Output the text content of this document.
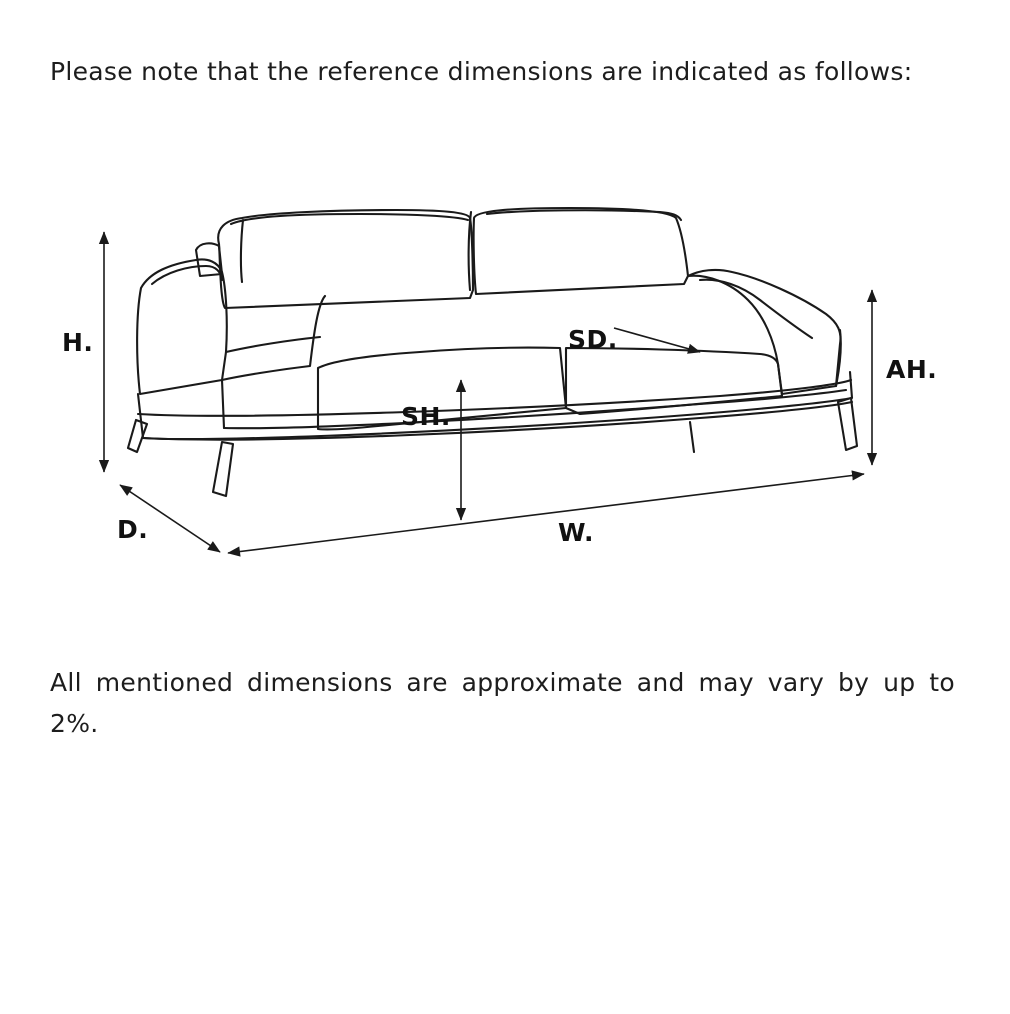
Please note that the reference dimensions are indicated as follows:
H.
D.
SH.
SD.
W.
AH.
All mentioned dimensions are approximate and may vary by up to 2%.
